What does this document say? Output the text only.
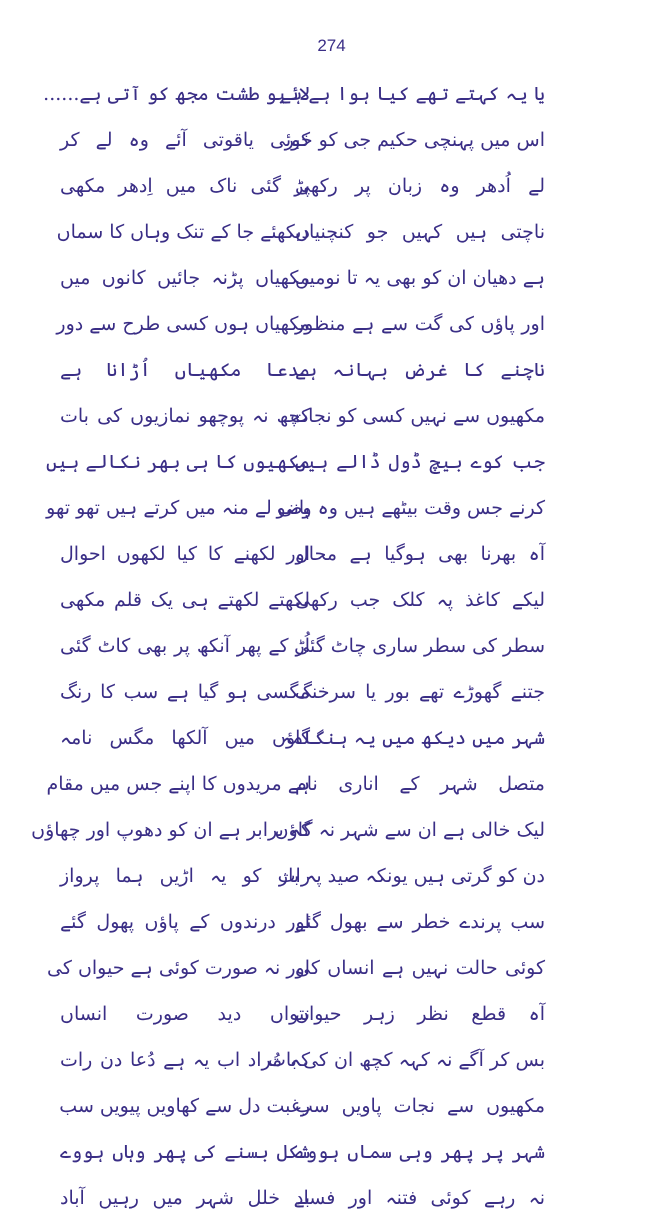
274
یا یہ کہتے تھے کیا ہوا ہے ہے
اس میں پہنچی حکیم جی کو خبر
لے اُدھر وہ زبان پر رکھی
ناچتی ہیں کہیں جو کنچنیاں
ہے دھیان ان کو بھی یہ تا نومیں
اور پاؤں کی گت سے ہے منظور
ناچنے کا غرض بہانہ ہے
مکھیوں سے نہیں کسی کو نجات
جب کوے بیچ ڈول ڈالے ہیں
کرنے جس وقت بیٹھے ہیں وہ وضو
آہ بھرنا بھی ہوگیا ہے محال
لیکے کاغذ پہ کلک جب رکھی
سطر کی سطر ساری چاٹ گئی
جتنے گھوڑے تھے بور یا سرخنگ
شہر میں دیکھ میں یہ ہنگامہ
متصل شہر کے اناری نام
لیک خالی ہے ان سے شہر نہ گاؤں
دن کو گرتی ہیں یونکہ صید پہ باز
سب پرندے خطر سے بھول گئے
کوئی حالت نہیں ہے انساں کی
آہ قطع نظر زہر حیواں
بس کر آگے نہ کہہ کچھ ان کی بات
مکھیوں سے نجات پاویں سب
شہر پر پھر وہی سماں ہووے
نہ رہے کوئی فتنہ اور فساد
لائیو طشت مجھ کو آتی ہے......
کوئی یاقوتی آئے وہ لے کر
پڑ گئی ناک میں اِدھر مکھی
دیکھئے جا کے تنک وہاں کا سماں
مکھیاں پڑنہ جائیں کانوں میں
مکھیاں ہوں کسی طرح سے دور
مدعا مکھیاں اُڑانا ہے
کچھ نہ پوچھو نمازیوں کی بات
مکھیوں کا ہی بھر نکالے ہیں
پانی لے منہ میں کرتے ہیں تھو تھو
اور لکھنے کا کیا لکھوں احوال
لکھتے لکھتے ہی یک قلم مکھی
اُڑ کے پھر آنکھ پر بھی کاٹ گئی
مگسی ہو گیا ہے سب کا رنگ
گاؤں میں آلکھا مگس نامہ
ہے مریدوں کا اپنے جس میں مقام
کہ برابر ہے ان کو دھوپ اور چھاؤں
رات کو یہ اڑیں ہما پرواز
اور درندوں کے پاؤں پھول گئے
اور نہ صورت کوئی ہے حیواں کی
نتواں دید صورت انساں
کہ مُراد اب یہ ہے دُعا دن رات
رغبت دل سے کھاویں پیویں سب
شکل بسنے کی پھر وہاں ہووے
بے خلل شہر میں رہیں آباد
